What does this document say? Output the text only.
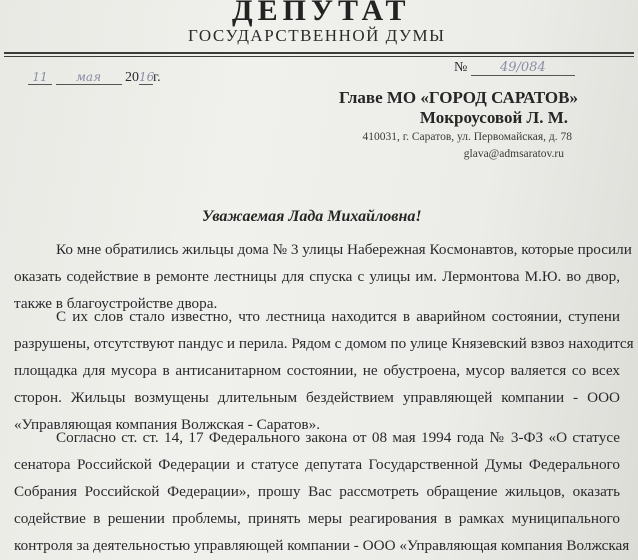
ДЕПУТАТ
ГОСУДАРСТВЕННОЙ ДУМЫ
11 мая 2016г.
№	49/084
Главе МО «ГОРОД САРАТОВ»
Мокроусовой Л. М.
410031, г. Саратов, ул. Первомайская, д. 78
glava@admsaratov.ru
Уважаемая Лада Михайловна!
Ко мне обратились жильцы дома № 3 улицы Набережная Космонавтов, которые просили
оказать содействие в ремонте лестницы для спуска с улицы им. Лермонтова М.Ю. во двор,
также в благоустройстве двора.
С их слов стало известно, что лестница находится в аварийном состоянии, ступени
разрушены, отсутствуют пандус и перила. Рядом с домом по улице Князевский взвоз находится
площадка для мусора в антисанитарном состоянии, не обустроена, мусор валяется со всех
сторон. Жильцы возмущены длительным бездействием управляющей компании - ООО
«Управляющая компания Волжская - Саратов».
Согласно ст. ст. 14, 17 Федерального закона от 08 мая 1994 года № 3-ФЗ «О статусе
сенатора Российской Федерации и статусе депутата Государственной Думы Федерального
Собрания Российской Федерации», прошу Вас рассмотреть обращение жильцов, оказать
содействие в решении проблемы, принять меры реагирования в рамках муниципального
контроля за деятельностью управляющей компании - ООО «Управляющая компания Волжская
